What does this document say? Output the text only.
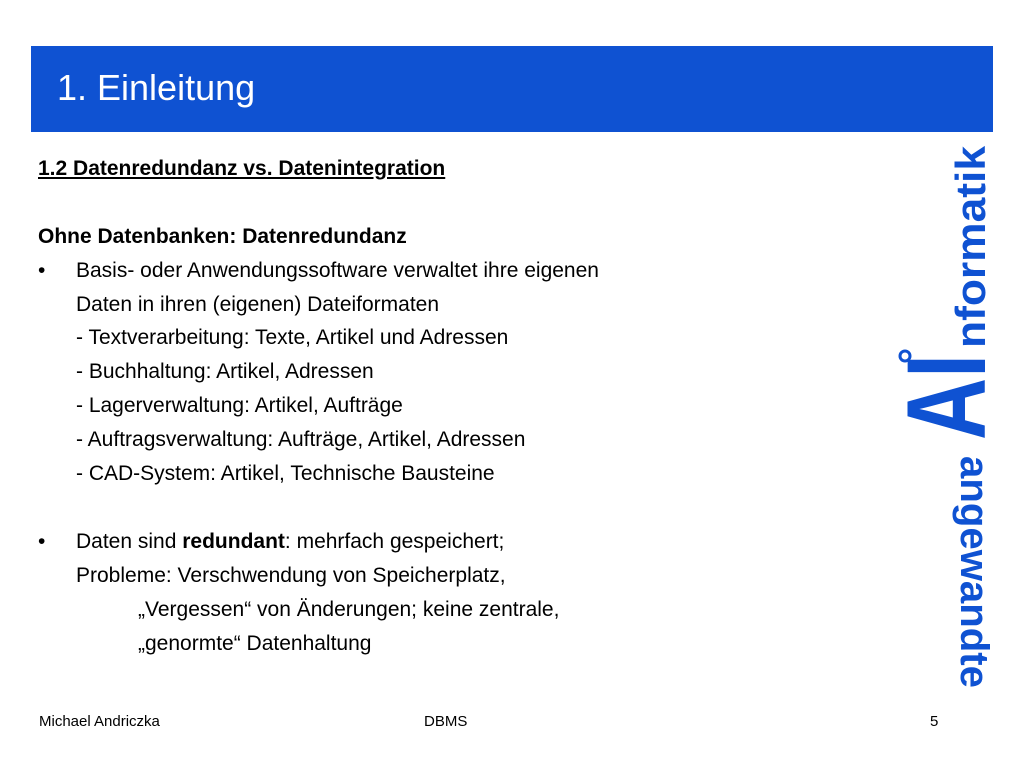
1. Einleitung
1.2 Datenredundanz vs. Datenintegration
Ohne Datenbanken: Datenredundanz
• Basis- oder Anwendungssoftware verwaltet ihre eigenen
Daten in ihren (eigenen) Dateiformaten
- Textverarbeitung: Texte, Artikel und Adressen
- Buchhaltung: Artikel, Adressen
- Lagerverwaltung: Artikel, Aufträge
- Auftragsverwaltung: Aufträge, Artikel, Adressen
- CAD-System: Artikel, Technische Bausteine
• Daten sind redundant: mehrfach gespeichert;
Probleme: Verschwendung von Speicherplatz,
„Vergessen“ von Änderungen; keine zentrale,
„genormte“ Datenhaltung
nformatik
AI
angewandte
Michael Andriczka	DBMS	5
